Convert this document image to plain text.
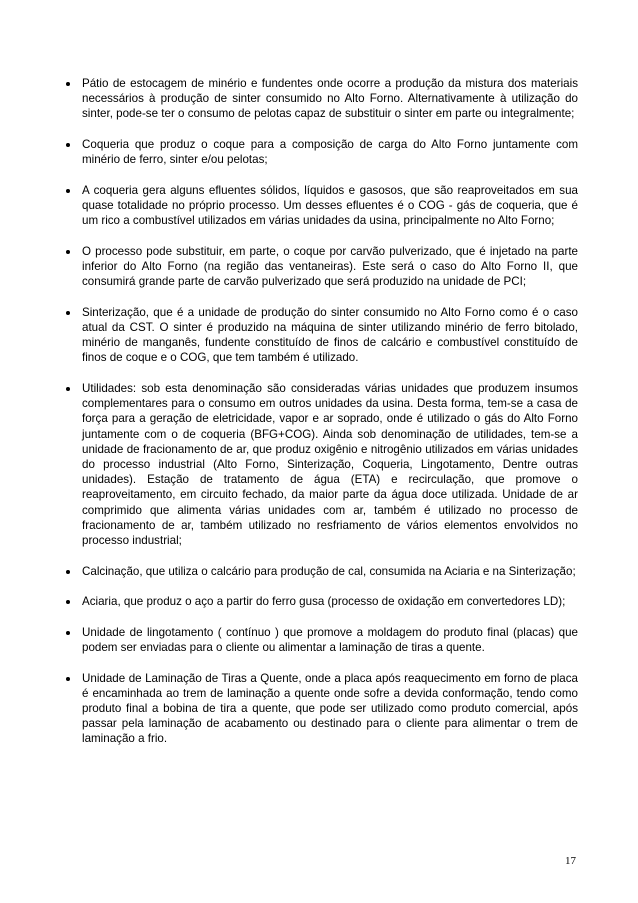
Pátio de estocagem de minério e fundentes onde ocorre a produção da mistura dos materiais necessários à produção de sinter consumido no Alto Forno. Alternativamente à utilização do sinter, pode-se ter o consumo de pelotas capaz de substituir o sinter em parte ou integralmente;
Coqueria que produz o coque para a composição de carga do Alto Forno juntamente com minério de ferro, sinter e/ou pelotas;
A coqueria gera alguns efluentes sólidos, líquidos e gasosos, que são reaproveitados em sua quase totalidade no próprio processo. Um desses efluentes é o COG - gás de coqueria, que é um rico a combustível utilizados em várias unidades da usina, principalmente no Alto Forno;
O processo pode substituir, em parte, o coque por carvão pulverizado, que é injetado na parte inferior do Alto Forno (na região das ventaneiras). Este será o caso do Alto Forno II, que consumirá grande parte de carvão pulverizado que será produzido na unidade de PCI;
Sinterização, que é a unidade de produção do sinter consumido no Alto Forno como é o caso atual da CST. O sinter é produzido na máquina de sinter utilizando minério de ferro bitolado, minério de manganês, fundente constituído de finos de calcário e combustível constituído de finos de coque e o COG, que tem também é utilizado.
Utilidades: sob esta denominação são consideradas várias unidades que produzem insumos complementares para o consumo em outros unidades da usina. Desta forma, tem-se a casa de força para a geração de eletricidade, vapor e ar soprado, onde é utilizado o gás do Alto Forno juntamente com o de coqueria (BFG+COG). Ainda sob denominação de utilidades, tem-se a unidade de fracionamento de ar, que produz oxigênio e nitrogênio utilizados em várias unidades do processo industrial (Alto Forno, Sinterização, Coqueria, Lingotamento, Dentre outras unidades). Estação de tratamento de água (ETA) e recirculação, que promove o reaproveitamento, em circuito fechado, da maior parte da água doce utilizada. Unidade de ar comprimido que alimenta várias unidades com ar, também é utilizado no processo de fracionamento de ar, também utilizado no resfriamento de vários elementos envolvidos no processo industrial;
Calcinação, que utiliza o calcário para produção de cal, consumida na Aciaria e na Sinterização;
Aciaria, que produz o aço a partir do ferro gusa (processo de oxidação em convertedores LD);
Unidade de lingotamento ( contínuo ) que promove a moldagem do produto final (placas) que podem ser enviadas para o cliente ou alimentar a laminação de tiras a quente.
Unidade de Laminação de Tiras a Quente, onde a placa após reaquecimento em forno de placa é encaminhada ao trem de laminação a quente onde sofre a devida conformação, tendo como produto final a bobina de tira a quente, que pode ser utilizado como produto comercial, após passar pela laminação de acabamento ou destinado para o cliente para alimentar o trem de laminação a frio.
17
